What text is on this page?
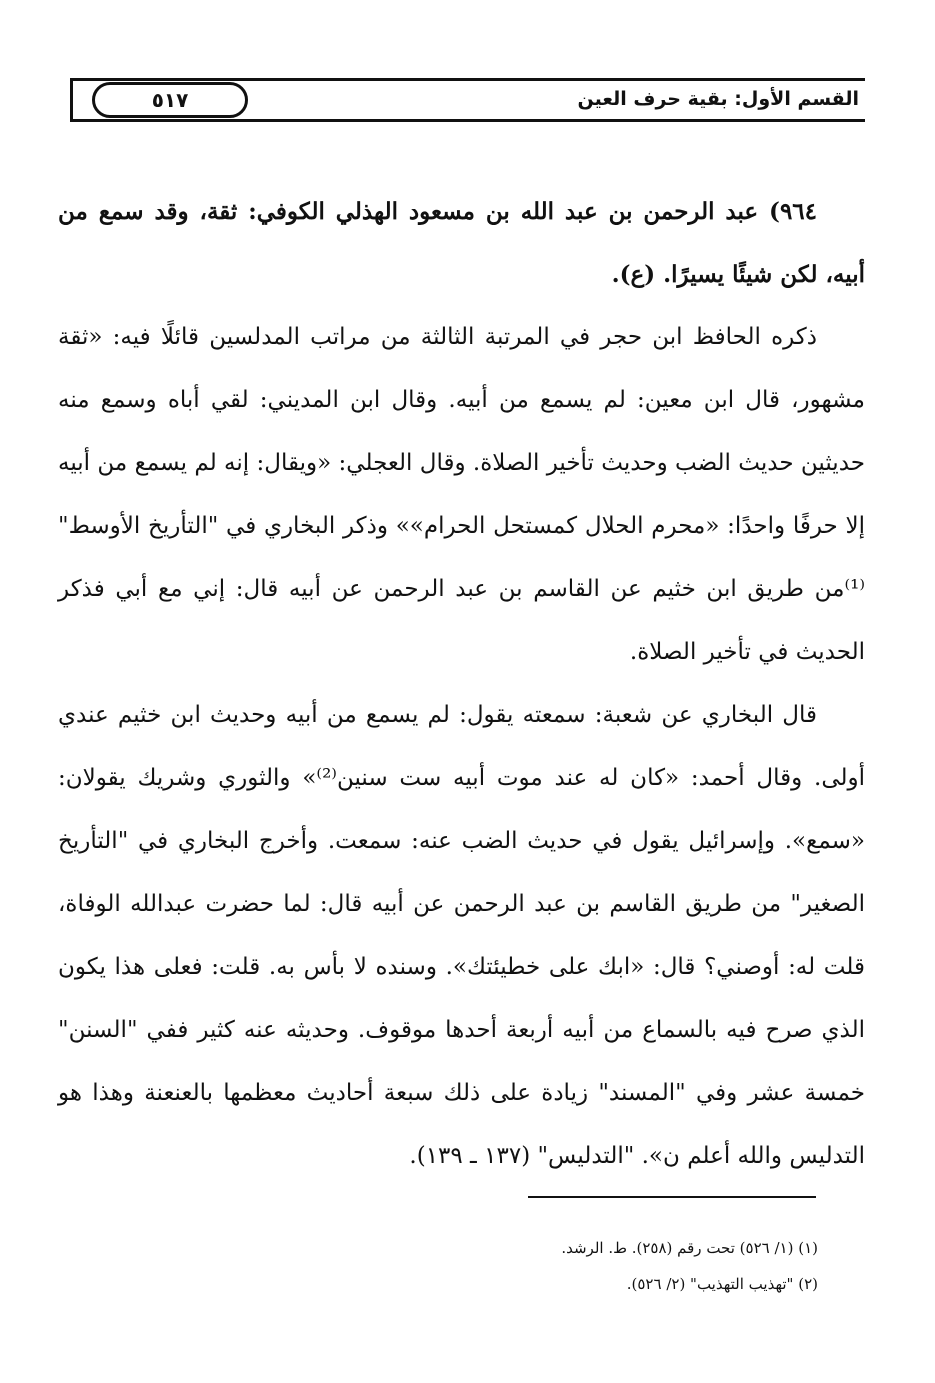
القسم الأول: بقية حرف العين
٥١٧

٩٦٤) عبد الرحمن بن عبد الله بن مسعود الهذلي الكوفي: ثقة، وقد سمع من أبيه، لكن شيئًا يسيرًا. (ع).

ذكره الحافظ ابن حجر في المرتبة الثالثة من مراتب المدلسين قائلًا فيه: «ثقة مشهور، قال ابن معين: لم يسمع من أبيه. وقال ابن المديني: لقي أباه وسمع منه حديثين حديث الضب وحديث تأخير الصلاة. وقال العجلي: «ويقال: إنه لم يسمع من أبيه إلا حرفًا واحدًا: «محرم الحلال كمستحل الحرام»» وذكر البخاري في "التأريخ الأوسط" ⁽¹⁾من طريق ابن خثيم عن القاسم بن عبد الرحمن عن أبيه قال: إني مع أبي فذكر الحديث في تأخير الصلاة.

قال البخاري عن شعبة: سمعته يقول: لم يسمع من أبيه وحديث ابن خثيم عندي أولى. وقال أحمد: «كان له عند موت أبيه ست سنين⁽²⁾» والثوري وشريك يقولان: «سمع». وإسرائيل يقول في حديث الضب عنه: سمعت. وأخرج البخاري في "التأريخ الصغير" من طريق القاسم بن عبد الرحمن عن أبيه قال: لما حضرت عبدالله الوفاة، قلت له: أوصني؟ قال: «ابك على خطيئتك». وسنده لا بأس به. قلت: فعلى هذا يكون الذي صرح فيه بالسماع من أبيه أربعة أحدها موقوف. وحديثه عنه كثير ففي "السنن" خمسة عشر وفي "المسند" زيادة على ذلك سبعة أحاديث معظمها بالعنعنة وهذا هو التدليس والله أعلم ن». "التدليس" (١٣٧ ـ ١٣٩).

(١) (١/ ٥٢٦) تحت رقم (٢٥٨). ط. الرشد.
(٢) "تهذيب التهذيب" (٢/ ٥٢٦).
